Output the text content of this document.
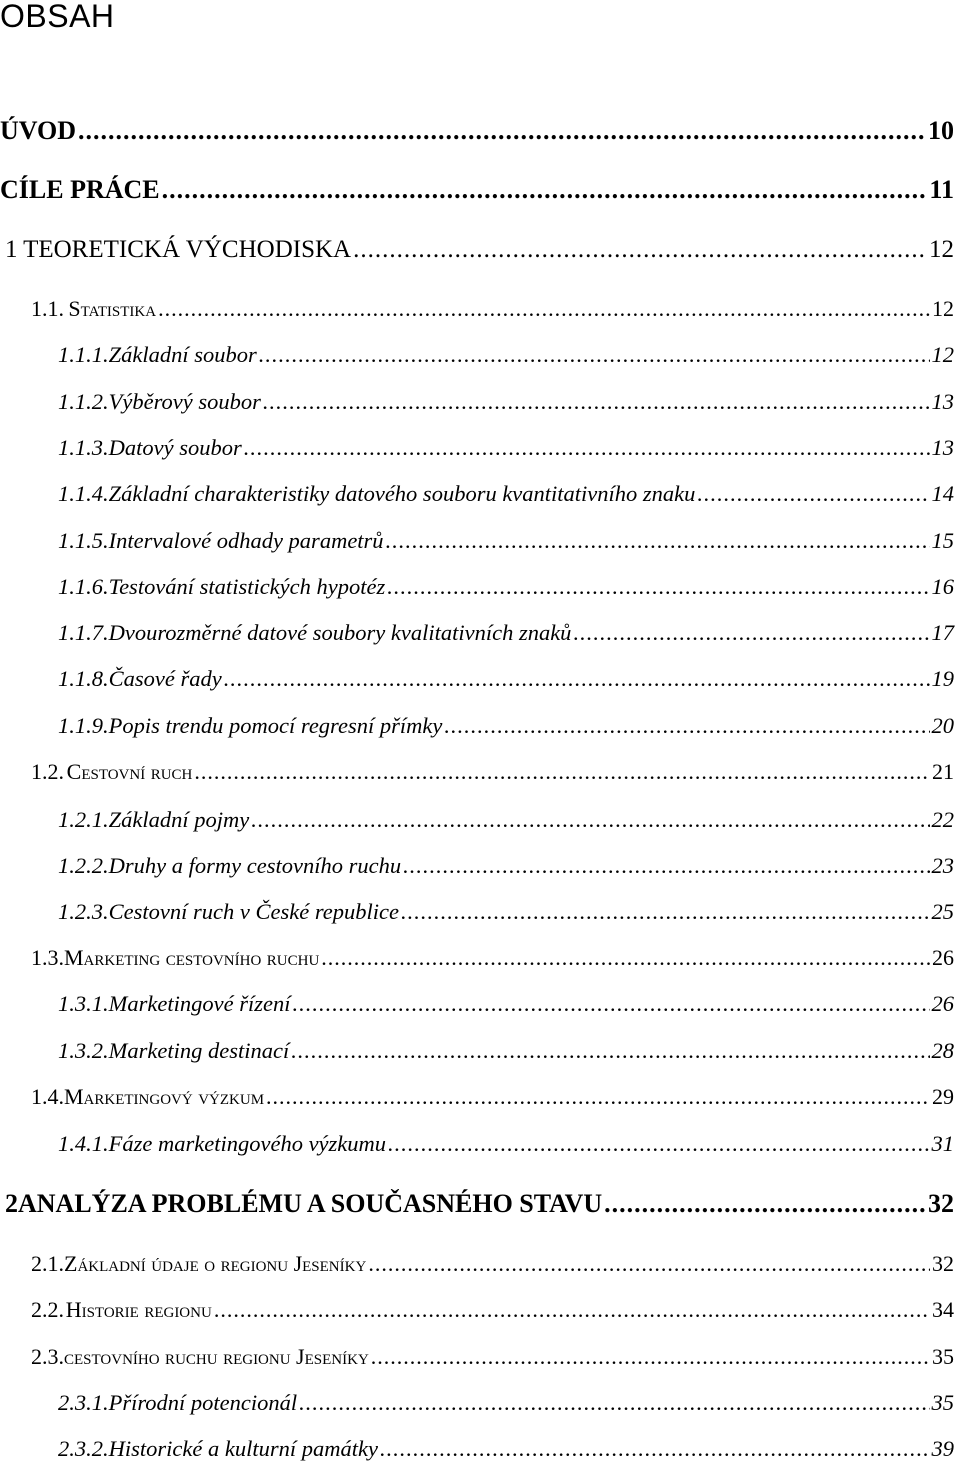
OBSAH
ÚVOD .....	10
CÍLE PRÁCE .....	11
1 TEORETICKÁ VÝCHODISKA .....	12
1.1. Statistika .....	12
1.1.1. Základní soubor .....	12
1.1.2. Výběrový soubor .....	13
1.1.3. Datový soubor .....	13
1.1.4. Základní charakteristiky datového souboru kvantitativního znaku .....	14
1.1.5. Intervalové odhady parametrů .....	15
1.1.6. Testování statistických hypotéz .....	16
1.1.7. Dvourozměrné datové soubory kvalitativních znaků .....	17
1.1.8. Časové řady .....	19
1.1.9. Popis trendu pomocí regresní přímky .....	20
1.2. Cestovní ruch .....	21
1.2.1. Základní pojmy .....	22
1.2.2. Druhy a formy cestovního ruchu .....	23
1.2.3. Cestovní ruch v České republice .....	25
1.3. Marketing cestovního ruchu .....	26
1.3.1. Marketingové řízení .....	26
1.3.2. Marketing destinací .....	28
1.4. Marketingový výzkum .....	29
1.4.1. Fáze marketingového výzkumu .....	31
2 ANALÝZA PROBLÉMU A SOUČASNÉHO STAVU .....	32
2.1. Základní údaje o regionu Jeseníky .....	32
2.2. Historie regionu .....	34
2.3. cestovního ruchu regionu Jeseníky .....	35
2.3.1. Přírodní potencionál .....	35
2.3.2. Historické a kulturní památky .....	39
